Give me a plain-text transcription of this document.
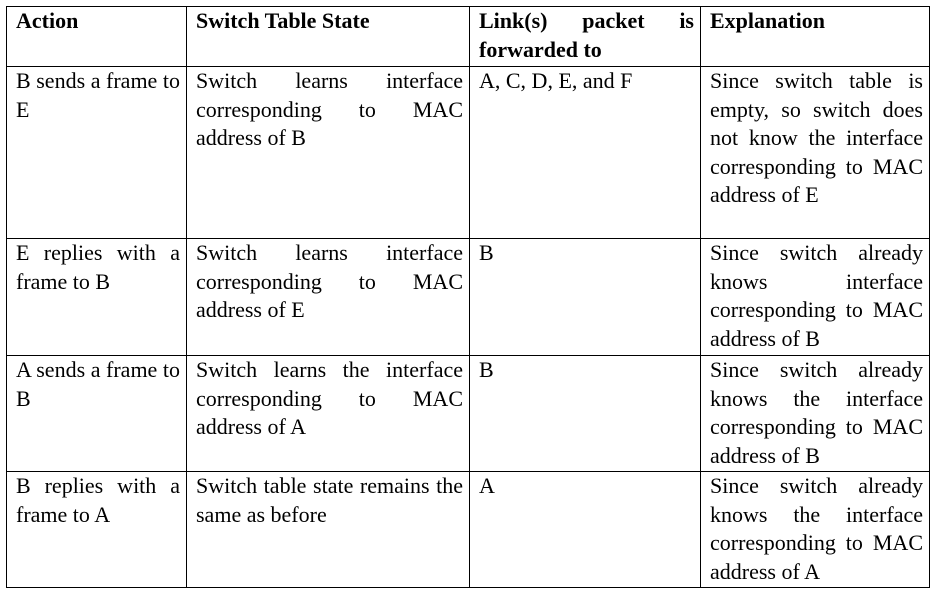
Action	Switch Table State	Link(s) packet is forwarded to	Explanation
B sends a frame to E	Switch learns interface corresponding to MAC address of B	A, C, D, E, and F	Since switch table is empty, so switch does not know the interface corresponding to MAC address of E
E replies with a frame to B	Switch learns interface corresponding to MAC address of E	B	Since switch already knows interface corresponding to MAC address of B
A sends a frame to B	Switch learns the interface corresponding to MAC address of A	B	Since switch already knows the interface corresponding to MAC address of B
B replies with a frame to A	Switch table state remains the same as before	A	Since switch already knows the interface corresponding to MAC address of A
